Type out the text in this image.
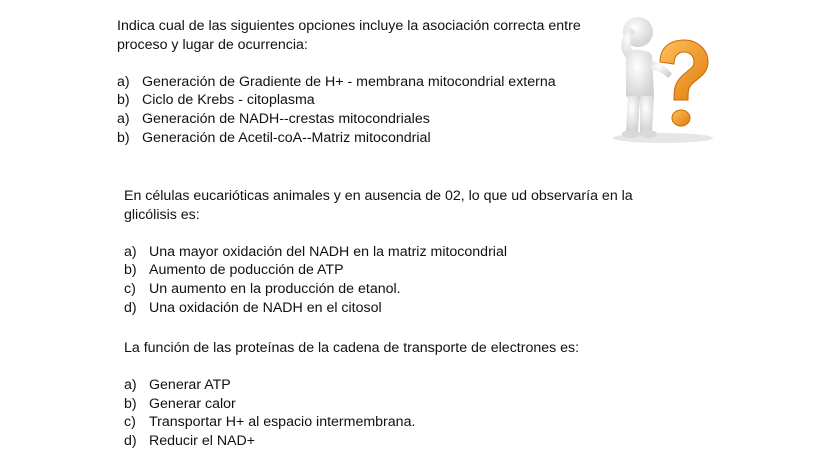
Indica cual de las siguientes opciones incluye la asociación correcta entre

proceso y lugar de ocurrencia:

a) Generación de Gradiente de H+ - membrana mitocondrial externa
b) Ciclo de Krebs - citoplasma
a) Generación de NADH--crestas mitocondriales
b) Generación de Acetil-coA--Matriz mitocondrial

En células eucarióticas animales y en ausencia de 02, lo que ud observaría en la

glicólisis es:

a) Una mayor oxidación del NADH en la matriz mitocondrial
b) Aumento de poducción de ATP
c) Un aumento en la producción de etanol.
d) Una oxidación de NADH en el citosol

La función de las proteínas de la cadena de transporte de electrones es:

a) Generar ATP
b) Generar calor
c) Transportar H+ al espacio intermembrana.
d) Reducir el NAD+
